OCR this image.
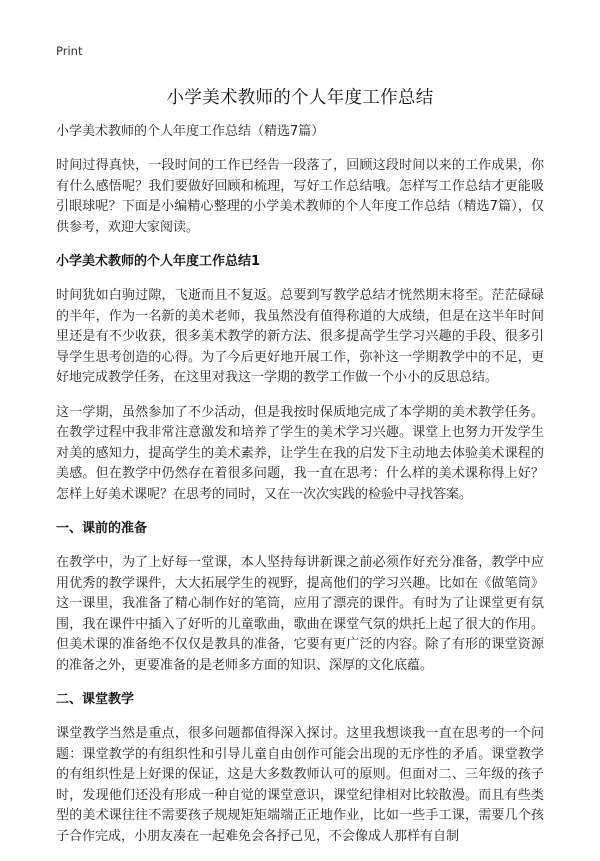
Print
小学美术教师的个人年度工作总结

小学美术教师的个人年度工作总结（精选7篇）

时间过得真快，一段时间的工作已经告一段落了，回顾这段时间以来的工作成果，你有什么感悟呢？我们要做好回顾和梳理，写好工作总结哦。怎样写工作总结才更能吸引眼球呢？下面是小编精心整理的小学美术教师的个人年度工作总结（精选7篇），仅供参考，欢迎大家阅读。

小学美术教师的个人年度工作总结1

时间犹如白驹过隙，飞逝而且不复返。总要到写教学总结才恍然期末将至。茫茫碌碌的半年，作为一名新的美术老师，我虽然没有值得称道的大成绩，但是在这半年时间里还是有不少收获，很多美术教学的新方法、很多提高学生学习兴趣的手段、很多引导学生思考创造的心得。为了今后更好地开展工作，弥补这一学期教学中的不足，更好地完成教学任务，在这里对我这一学期的教学工作做一个小小的反思总结。

这一学期，虽然参加了不少活动，但是我按时保质地完成了本学期的美术教学任务。在教学过程中我非常注意激发和培养了学生的美术学习兴趣。课堂上也努力开发学生对美的感知力，提高学生的美术素养，让学生在我的启发下主动地去体验美术课程的美感。但在教学中仍然存在着很多问题，我一直在思考：什么样的美术课称得上好？怎样上好美术课呢？在思考的同时，又在一次次实践的检验中寻找答案。

一、课前的准备

在教学中，为了上好每一堂课，本人坚持每讲新课之前必须作好充分准备，教学中应用优秀的教学课件，大大拓展学生的视野，提高他们的学习兴趣。比如在《做笔筒》这一课里，我准备了精心制作好的笔筒，应用了漂亮的课件。有时为了让课堂更有氛围，我在课件中插入了好听的儿童歌曲，歌曲在课堂气氛的烘托上起了很大的作用。但美术课的准备绝不仅仅是教具的准备，它要有更广泛的内容。除了有形的课堂资源的准备之外，更要准备的是老师多方面的知识、深厚的文化底蕴。

二、课堂教学

课堂教学当然是重点，很多问题都值得深入探讨。这里我想谈我一直在思考的一个问题：课堂教学的有组织性和引导儿童自由创作可能会出现的无序性的矛盾。课堂教学的有组织性是上好课的保证，这是大多数教师认可的原则。但面对二、三年级的孩子时，发现他们还没有形成一种自觉的课堂意识，课堂纪律相对比较散漫。而且有些类型的美术课往往不需要孩子规规矩矩端端正正地作业，比如一些手工课，需要几个孩子合作完成，小朋友凑在一起难免会各抒己见，不会像成人那样有自制
